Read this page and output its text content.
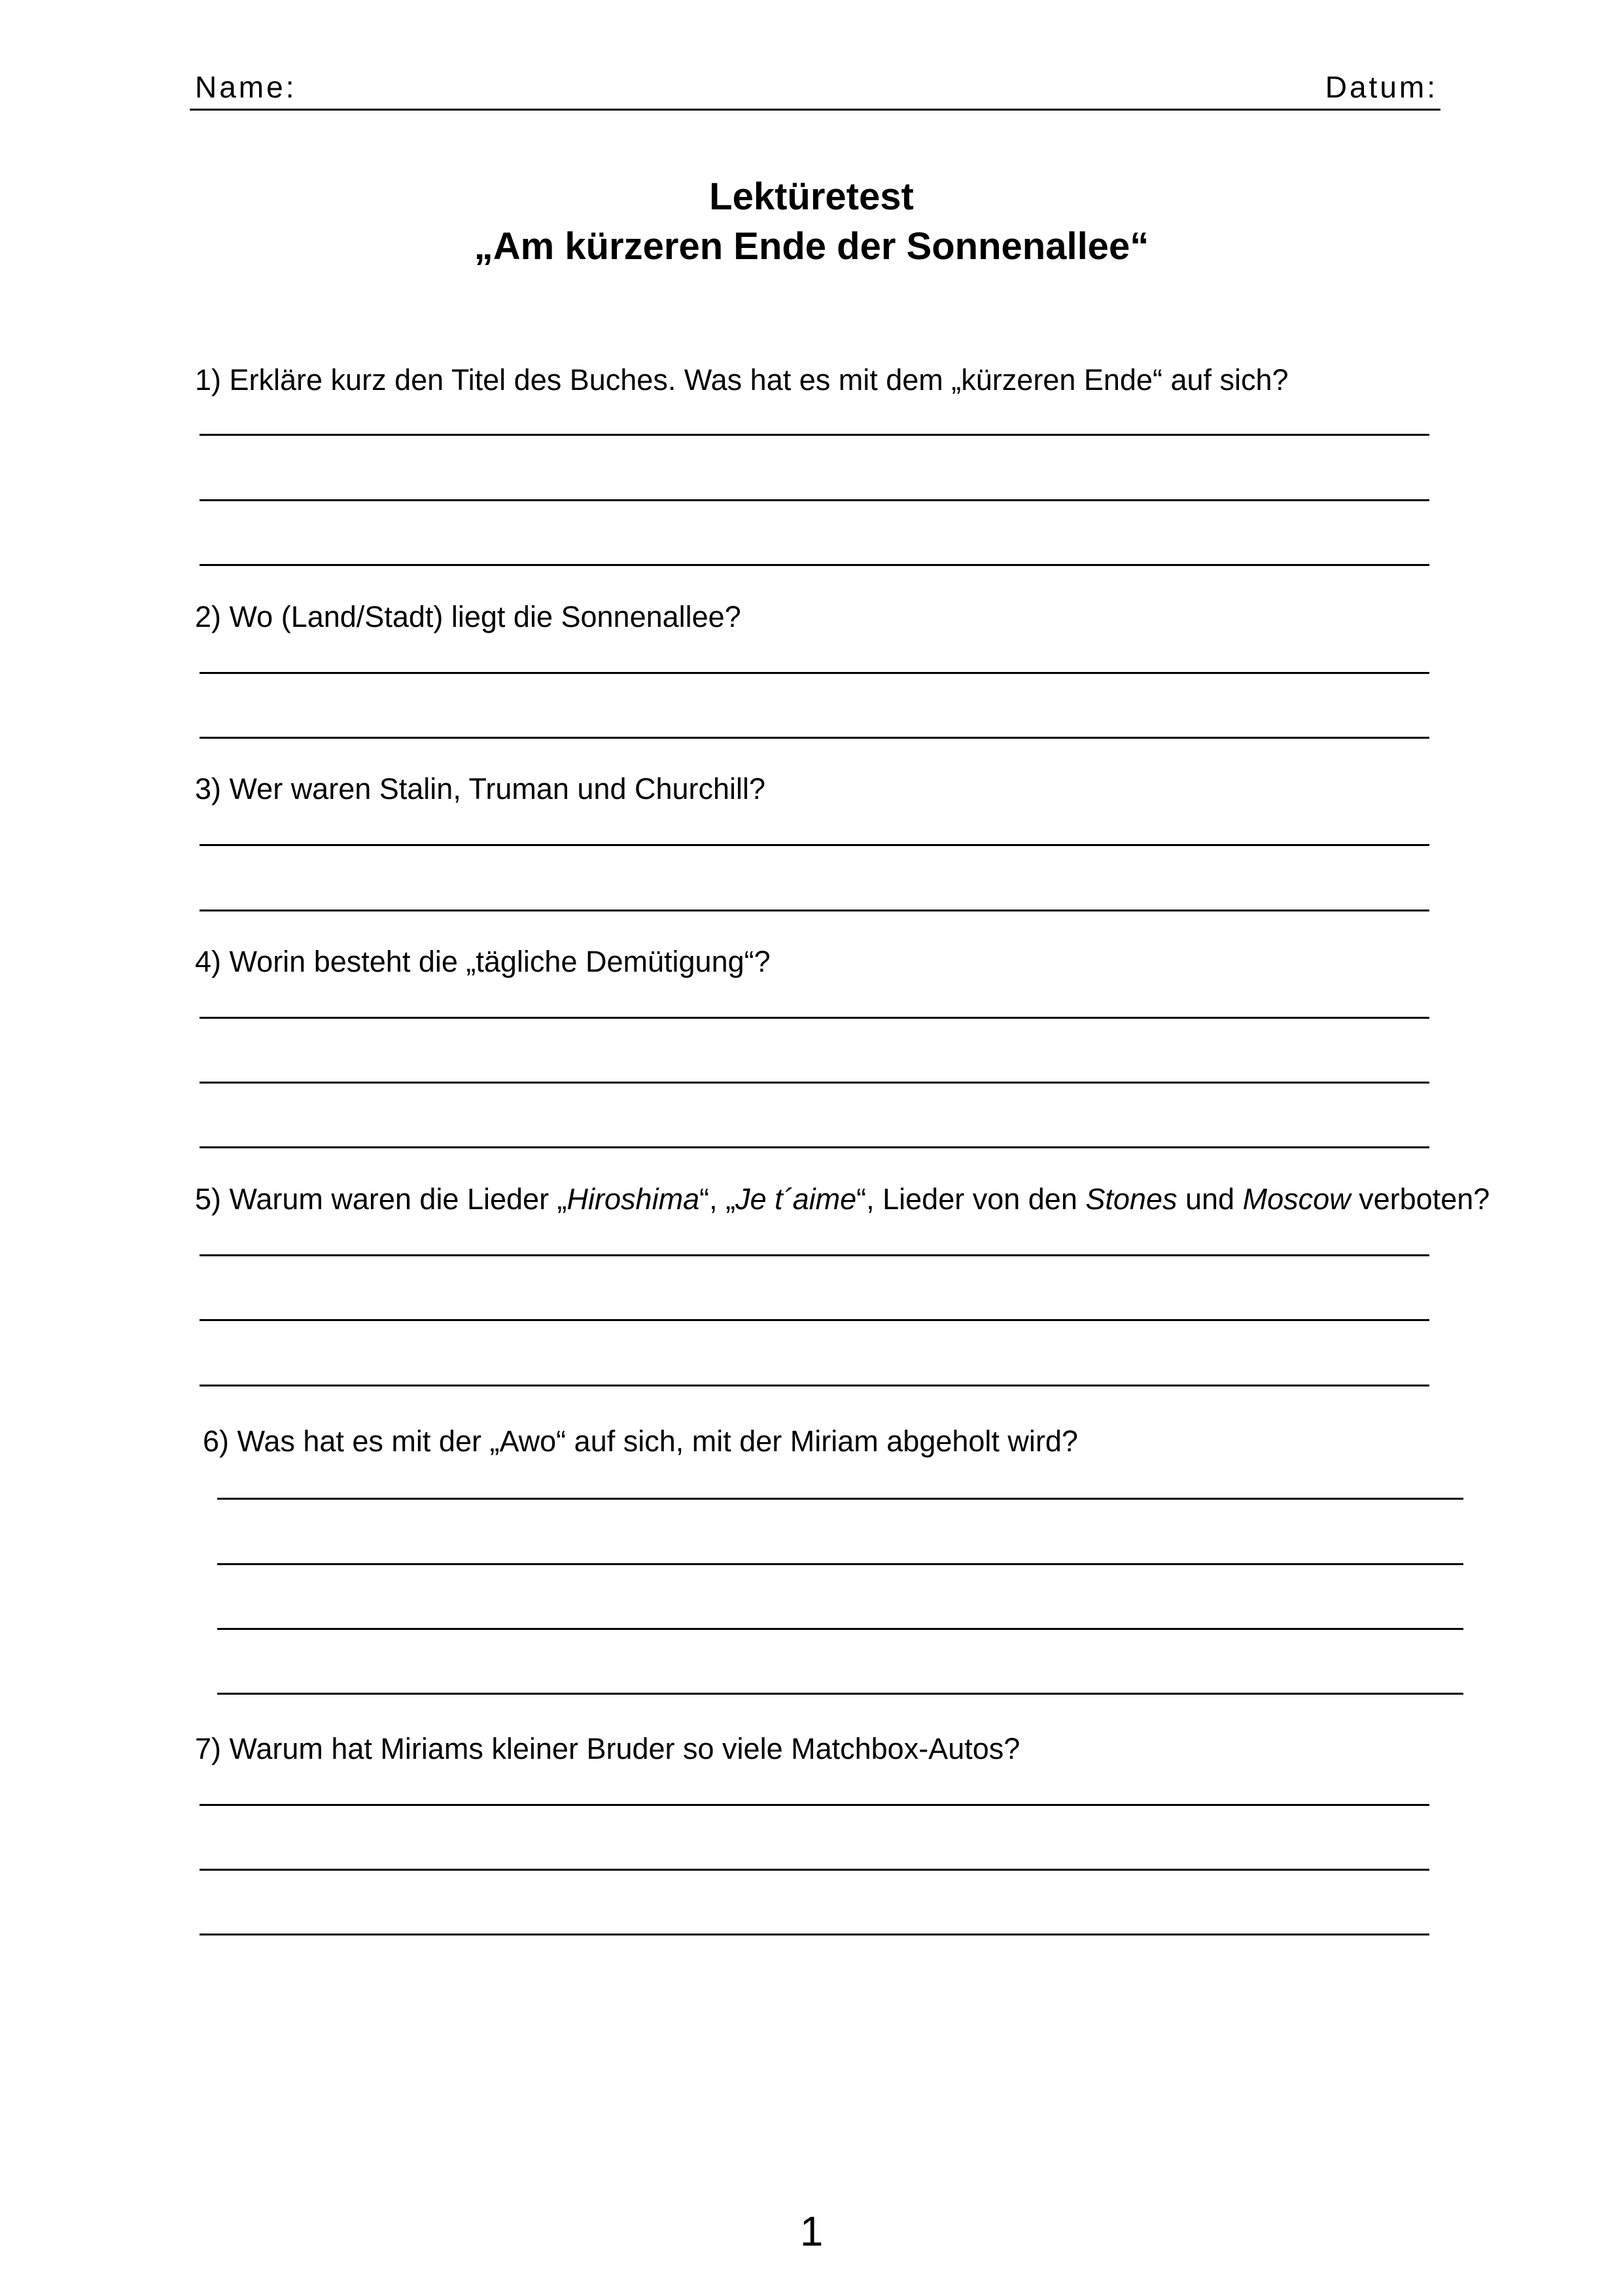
Name:	Datum:
Lektüretest
„Am kürzeren Ende der Sonnenallee“
1) Erkläre kurz den Titel des Buches. Was hat es mit dem „kürzeren Ende“ auf sich?
2) Wo (Land/Stadt) liegt die Sonnenallee?
3) Wer waren Stalin, Truman und Churchill?
4) Worin besteht die „tägliche Demütigung“?
5) Warum waren die Lieder „Hiroshima“, „Je t´aime“, Lieder von den Stones und Moscow verboten?
6) Was hat es mit der „Awo“ auf sich, mit der Miriam abgeholt wird?
7) Warum hat Miriams kleiner Bruder so viele Matchbox-Autos?
1
